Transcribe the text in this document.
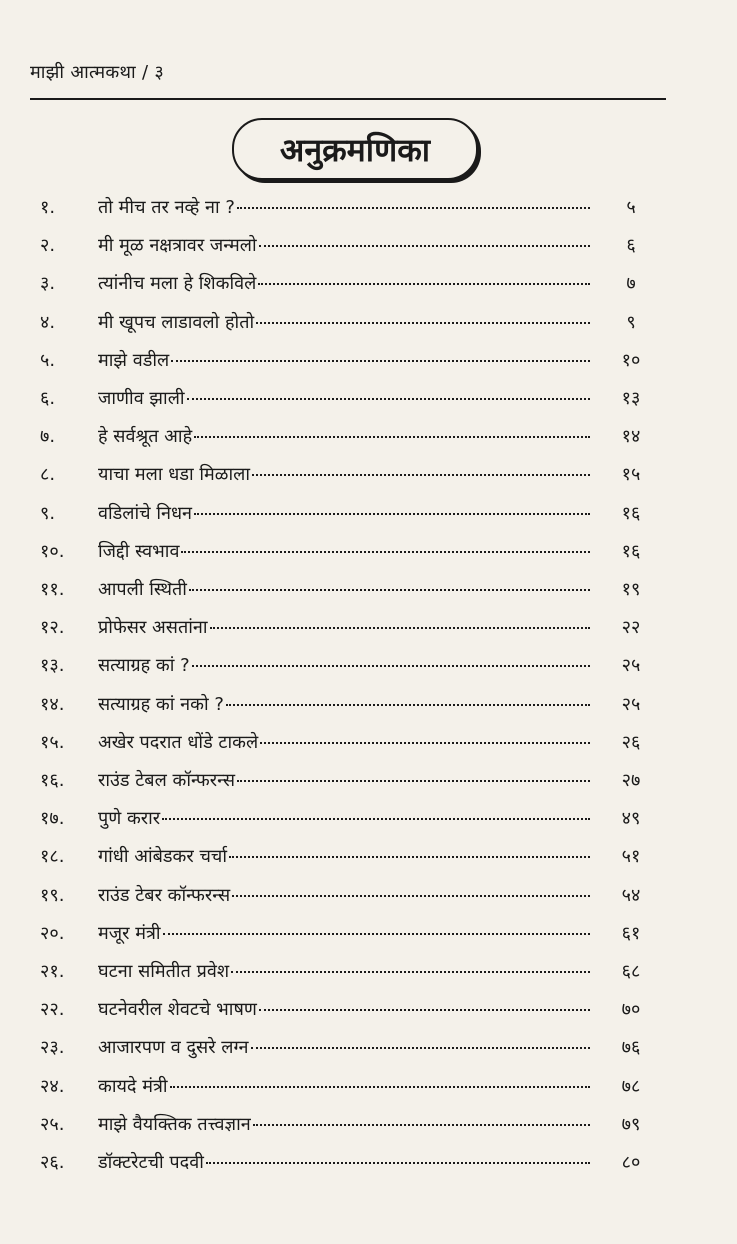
माझी आत्मकथा / ३
अनुक्रमणिका
१.	तो मीच तर नव्हे ना ?	५
२.	मी मूळ नक्षत्रावर जन्मलो	६
३.	त्यांनीच मला हे शिकविले	७
४.	मी खूपच लाडावलो होतो	९
५.	माझे वडील	१०
६.	जाणीव झाली	१३
७.	हे सर्वश्रूत आहे	१४
८.	याचा मला धडा मिळाला	१५
९.	वडिलांचे निधन	१६
१०.	जिद्दी स्वभाव	१६
११.	आपली स्थिती	१९
१२.	प्रोफेसर असतांना	२२
१३.	सत्याग्रह कां ?	२५
१४.	सत्याग्रह कां नको ?	२५
१५.	अखेर पदरात धोंडे टाकले	२६
१६.	राउंड टेबल कॉन्फरन्स	२७
१७.	पुणे करार	४९
१८.	गांधी आंबेडकर चर्चा	५१
१९.	राउंड टेबर कॉन्फरन्स	५४
२०.	मजूर मंत्री	६१
२१.	घटना समितीत प्रवेश	६८
२२.	घटनेवरील शेवटचे भाषण	७०
२३.	आजारपण व दुसरे लग्न	७६
२४.	कायदे मंत्री	७८
२५.	माझे वैयक्तिक तत्त्वज्ञान	७९
२६.	डॉक्टरेटची पदवी	८०
